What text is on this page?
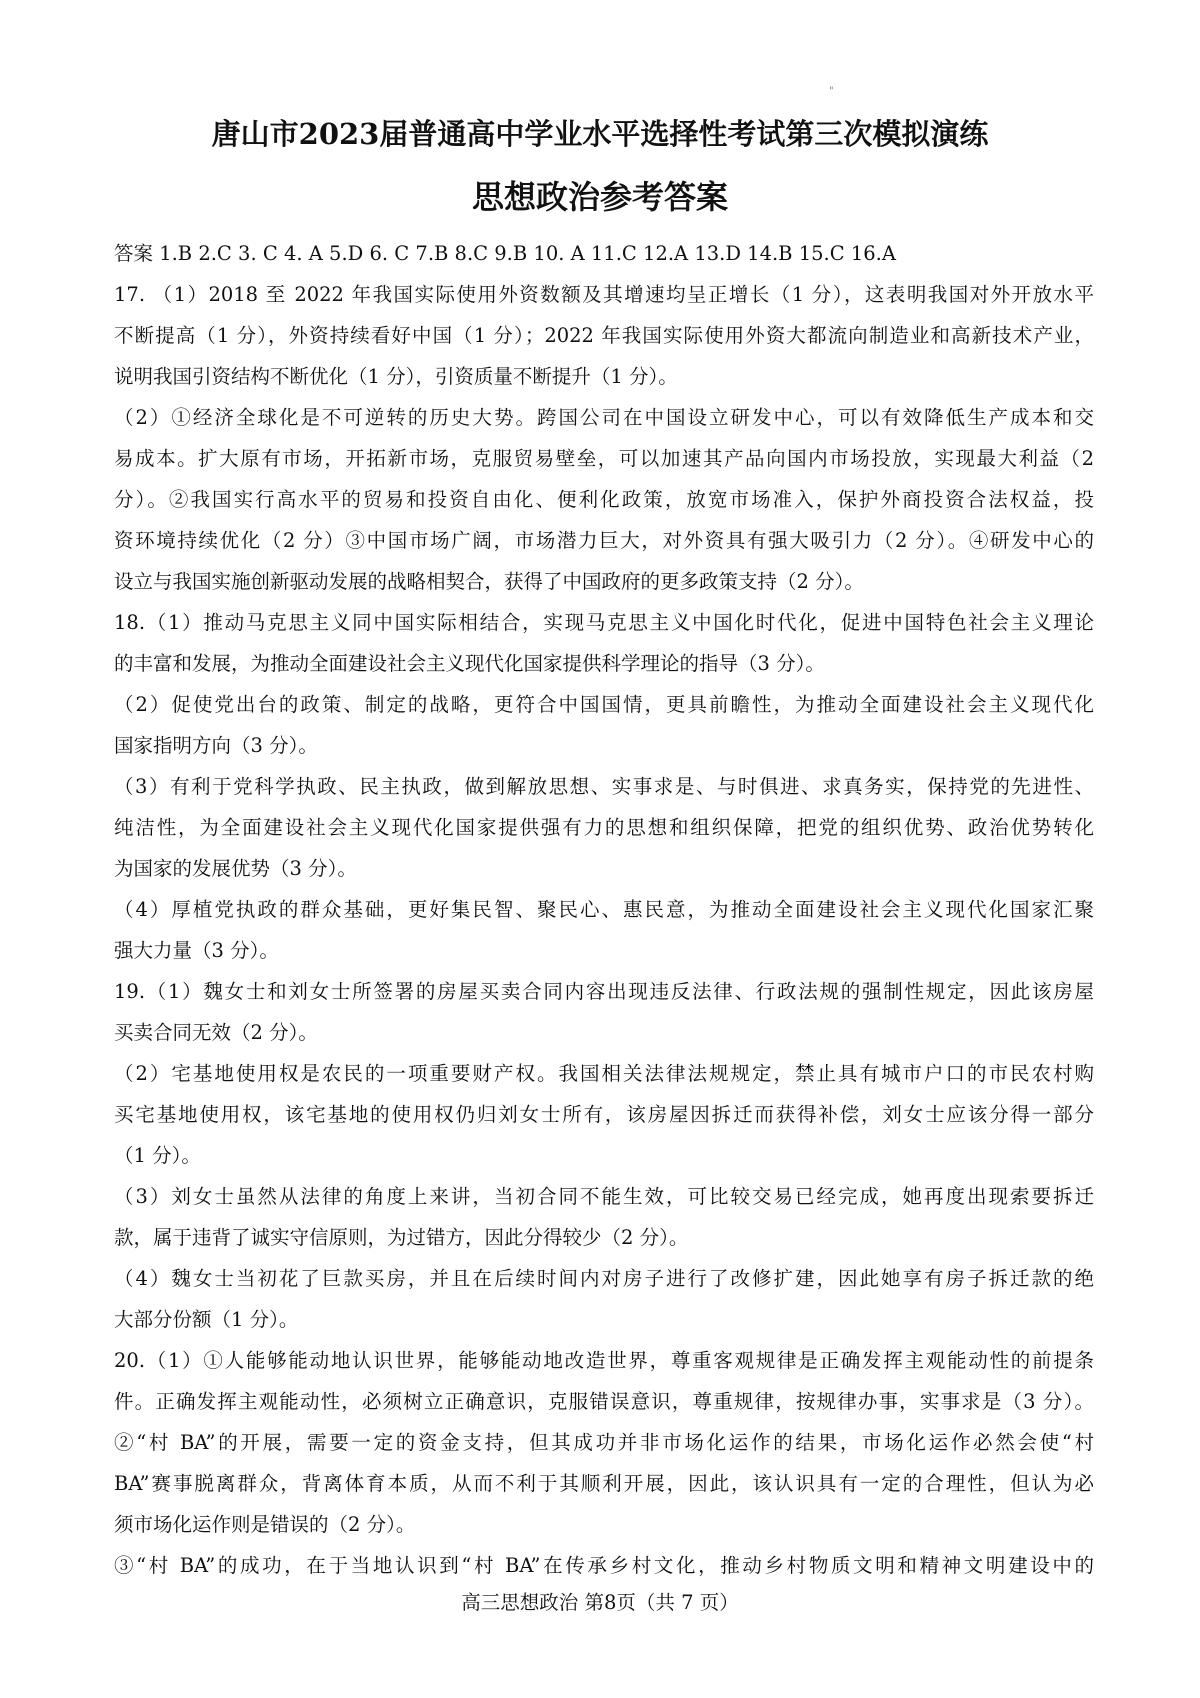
"
唐山市2023届普通高中学业水平选择性考试第三次模拟演练
思想政治参考答案
答案 1.B 2.C 3. C 4. A 5.D 6. C 7.B 8.C 9.B 10. A 11.C 12.A 13.D 14.B 15.C 16.A
17. （1）2018 至 2022 年我国实际使用外资数额及其增速均呈正增长（1 分），这表明我国对外开放水平
不断提高（1 分），外资持续看好中国（1 分）；2022 年我国实际使用外资大都流向制造业和高新技术产业，
说明我国引资结构不断优化（1 分），引资质量不断提升（1 分）。
（2）①经济全球化是不可逆转的历史大势。跨国公司在中国设立研发中心，可以有效降低生产成本和交
易成本。扩大原有市场，开拓新市场，克服贸易壁垒，可以加速其产品向国内市场投放，实现最大利益（2
分）。②我国实行高水平的贸易和投资自由化、便利化政策，放宽市场准入，保护外商投资合法权益，投
资环境持续优化（2 分）③中国市场广阔，市场潜力巨大，对外资具有强大吸引力（2 分）。④研发中心的
设立与我国实施创新驱动发展的战略相契合，获得了中国政府的更多政策支持（2 分）。
18.（1）推动马克思主义同中国实际相结合，实现马克思主义中国化时代化，促进中国特色社会主义理论
的丰富和发展，为推动全面建设社会主义现代化国家提供科学理论的指导（3 分）。
（2）促使党出台的政策、制定的战略，更符合中国国情，更具前瞻性，为推动全面建设社会主义现代化
国家指明方向（3 分）。
（3）有利于党科学执政、民主执政，做到解放思想、实事求是、与时俱进、求真务实，保持党的先进性、
纯洁性，为全面建设社会主义现代化国家提供强有力的思想和组织保障，把党的组织优势、政治优势转化
为国家的发展优势（3 分）。
（4）厚植党执政的群众基础，更好集民智、聚民心、惠民意，为推动全面建设社会主义现代化国家汇聚
强大力量（3 分）。
19.（1）魏女士和刘女士所签署的房屋买卖合同内容出现违反法律、行政法规的强制性规定，因此该房屋
买卖合同无效（2 分）。
（2）宅基地使用权是农民的一项重要财产权。我国相关法律法规规定，禁止具有城市户口的市民农村购
买宅基地使用权，该宅基地的使用权仍归刘女士所有，该房屋因拆迁而获得补偿，刘女士应该分得一部分
（1 分）。
（3）刘女士虽然从法律的角度上来讲，当初合同不能生效，可比较交易已经完成，她再度出现索要拆迁
款，属于违背了诚实守信原则，为过错方，因此分得较少（2 分）。
（4）魏女士当初花了巨款买房，并且在后续时间内对房子进行了改修扩建，因此她享有房子拆迁款的绝
大部分份额（1 分）。
20.（1）①人能够能动地认识世界，能够能动地改造世界，尊重客观规律是正确发挥主观能动性的前提条
件。正确发挥主观能动性，必须树立正确意识，克服错误意识，尊重规律，按规律办事，实事求是（3 分）。
②“村 BA”的开展，需要一定的资金支持，但其成功并非市场化运作的结果，市场化运作必然会使“村
BA”赛事脱离群众，背离体育本质，从而不利于其顺利开展，因此，该认识具有一定的合理性，但认为必
须市场化运作则是错误的（2 分）。
③“村 BA”的成功，在于当地认识到“村 BA”在传承乡村文化，推动乡村物质文明和精神文明建设中的
高三思想政治 第8页（共 7 页）
